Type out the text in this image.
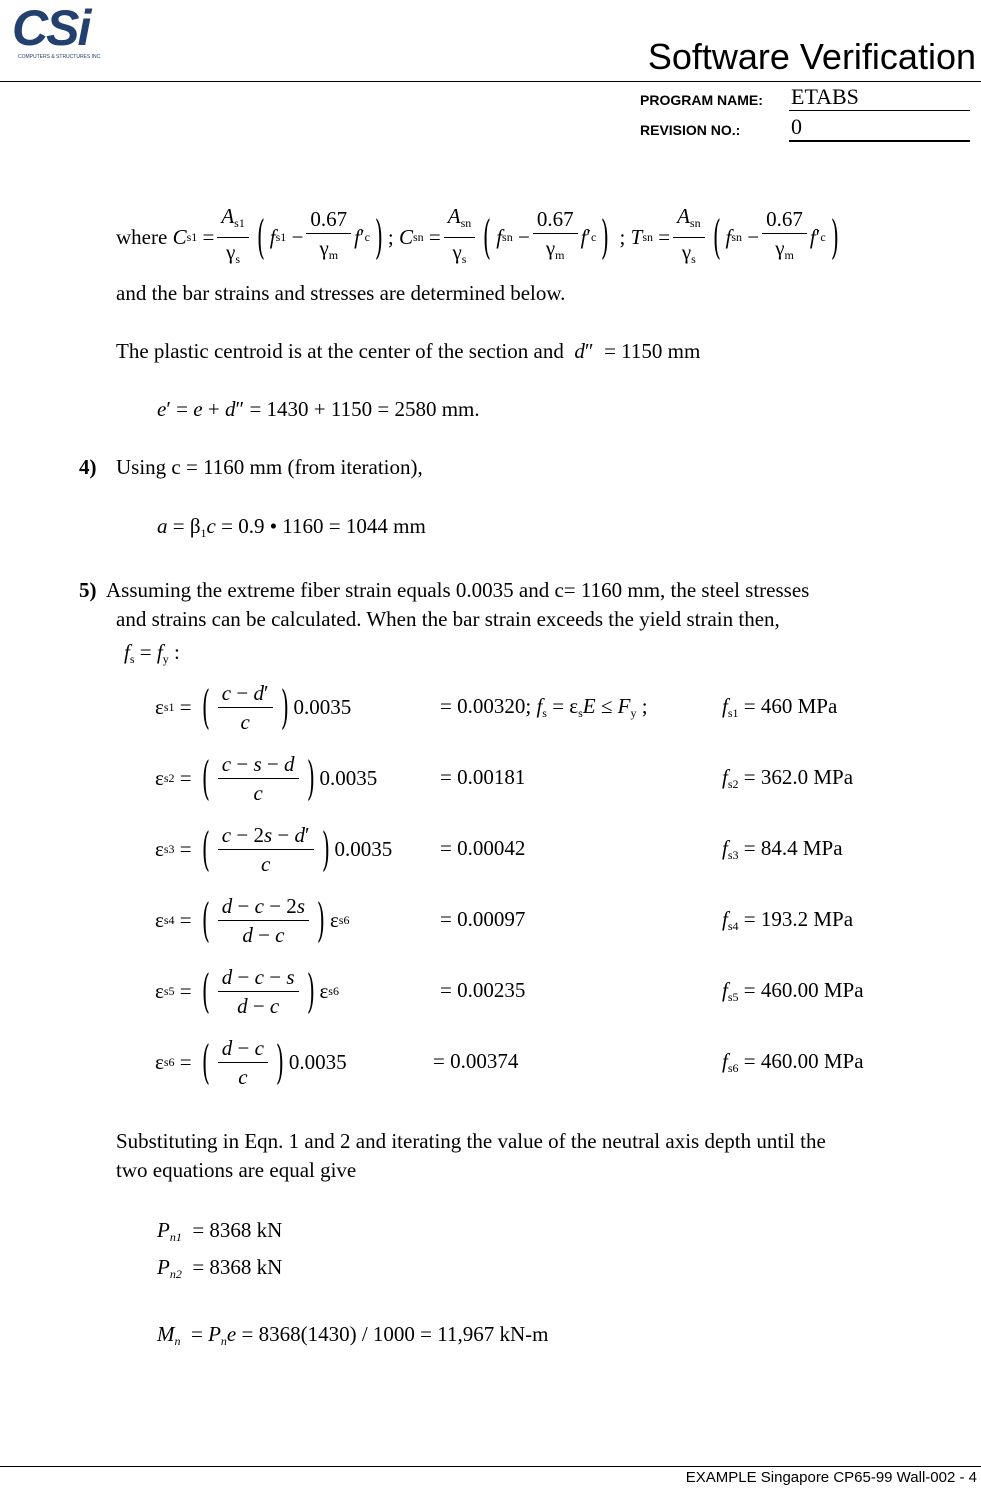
CSi
COMPUTERS & STRUCTURES INC.	Software Verification
PROGRAM NAME: ETABS
REVISION NO.: 0
where
C $s1 = \frac{A_{s1}}{\gamma_s}$ ( f $s1 - \frac{0.67}{\gamma_m}$ f ′ c ) ; C sn = $\frac{A_{sn}}{\gamma_s}$ ( f sn − $\frac{0.67}{\gamma_m}$ f ′ c ) ; T sn = $\frac{A_{sn}}{\gamma_s}$ ( f sn − $\frac{0.67}{\gamma_m}$ f ′ c )
and the bar strains and stresses are determined below.
The plastic centroid is at the center of the section and d″  = 1150 mm
e′ = e + d″ = 1430 + 1150 = 2580 mm.
4) Using c = 1160 mm (from iteration),
$a = \beta_1c = 0.9$ • 1160 = 1044 mm
5) Assuming the extreme fiber strain equals 0.0035 and c= 1160 mm, the steel stresses
and strains can be calculated. When the bar strain exceeds the yield strain then,
$f_s = f_y$ :
ε s1 = ( $\frac{c - d'}{c}$ ) 0.0035	= 0.00320; $f_s = \varepsilon_sE \le F_y$ ;	$f_{s1} = 460$ MPa
ε s2 = ( $\frac{c - s - d}{c}$ ) 0.0035	= 0.00181	$f_{s2} = 362.0$ MPa
ε s3 = ( $\frac{c - 2s - d'}{c}$ ) 0.0035 = 0.00042	$f_{s3} = 84.4$ MPa
ε s4 = ( $\frac{d - c - 2s}{d - c}$ ) ε s6	= 0.00097	$f_{s4} = 193.2$ MPa
ε s5 = ( $\frac{d - c - s}{d - c}$ ) ε s6	= 0.00235	$f_{s5} = 460.00$ MPa
ε s6 = ( $\frac{d - c}{c}$ ) 0.0035	= 0.00374	$f_{s6} = 460.00$ MPa
Substituting in Eqn. 1 and 2 and iterating the value of the neutral axis depth until the
two equations are equal give
$P_{n1} = 8368$ kN
$P_{n2} = 8368$ kN
$M_n = P_ne = 8368(1430) / 1000 = 11,967$ kN-m
EXAMPLE Singapore CP65-99 Wall-002 - 4
